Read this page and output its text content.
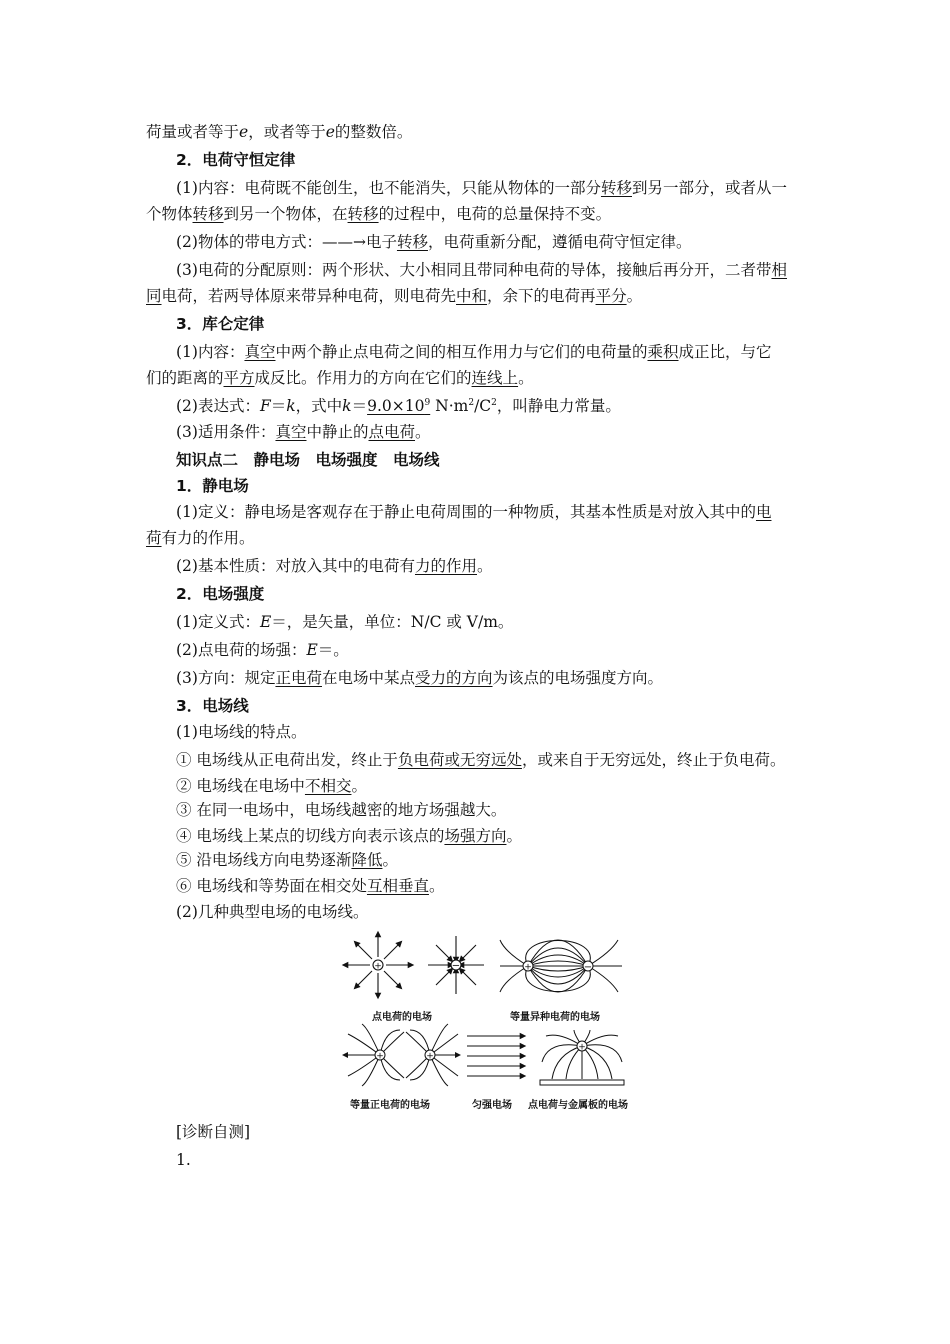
荷量或者等于e，或者等于e的整数倍。
2．电荷守恒定律
(1)内容：电荷既不能创生，也不能消失，只能从物体的一部分转移到另一部分，或者从一
个物体转移到另一个物体，在转移的过程中，电荷的总量保持不变。
(2)物体的带电方式：——→电子转移，电荷重新分配，遵循电荷守恒定律。
(3)电荷的分配原则：两个形状、大小相同且带同种电荷的导体，接触后再分开，二者带相
同电荷，若两导体原来带异种电荷，则电荷先中和，余下的电荷再平分。
3．库仑定律
(1)内容：真空中两个静止点电荷之间的相互作用力与它们的电荷量的乘积成正比，与它
们的距离的平方成反比。作用力的方向在它们的连线上。
(2)表达式：F＝k，式中$k=9.0\times 10^9$ $N\cdot m^2/C^2$，叫静电力常量。
(3)适用条件：真空中静止的点电荷。
知识点二　静电场　电场强度　电场线
1．静电场
(1)定义：静电场是客观存在于静止电荷周围的一种物质，其基本性质是对放入其中的电
荷有力的作用。
(2)基本性质：对放入其中的电荷有力的作用。
2．电场强度
(1)定义式：E＝，是矢量，单位：N/C 或 V/m。
(2)点电荷的场强：E＝。
(3)方向：规定正电荷在电场中某点受力的方向为该点的电场强度方向。
3．电场线
(1)电场线的特点。
① 电场线从正电荷出发，终止于负电荷或无穷远处，或来自于无穷远处，终止于负电荷。
② 电场线在电场中不相交。
③ 在同一电场中，电场线越密的地方场强越大。
④ 电场线上某点的切线方向表示该点的场强方向。
⑤ 沿电场线方向电势逐渐降低。
⑥ 电场线和等势面在相交处互相垂直。
(2)几种典型电场的电场线。
+	−	+	−
+	+
+
点电荷的电场	等量异种电荷的电场
等量正电荷的电场	匀强电场 点电荷与金属板的电场
[诊断自测]
1.
